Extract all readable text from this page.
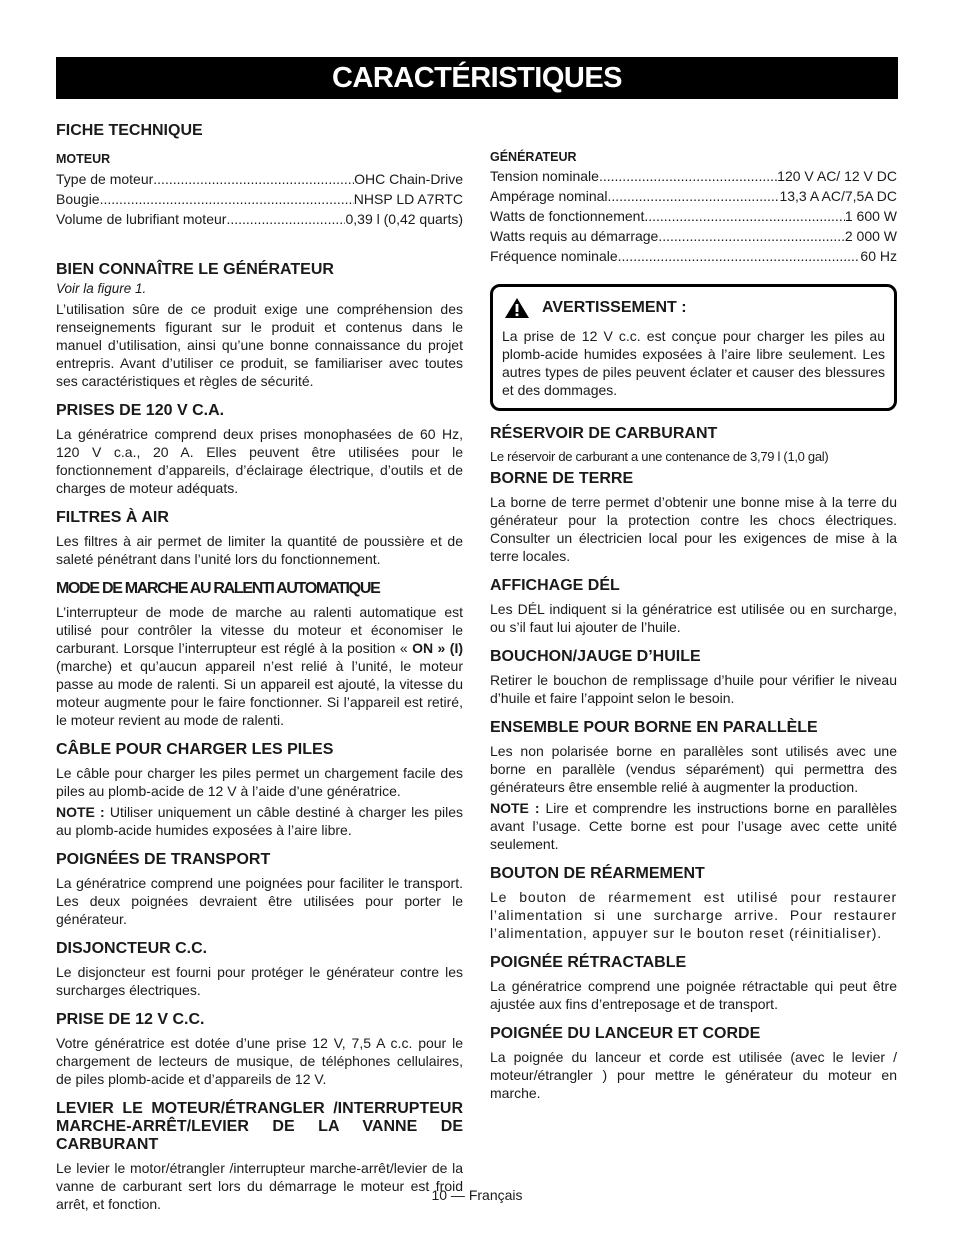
CARACTÉRISTIQUES
FICHE TECHNIQUE
MOTEUR
Type de moteur .....	OHC Chain-Drive
Bougie .....	NHSP LD A7RTC
Volume de lubrifiant moteur .....	0,39 l (0,42 quarts)
BIEN CONNAÎTRE LE GÉNÉRATEUR
Voir la figure 1.

L’utilisation sûre de ce produit exige une compréhension des renseignements figurant sur le produit et contenus dans le manuel d’utilisation, ainsi qu’une bonne connaissance du projet entrepris. Avant d’utiliser ce produit, se familiariser avec toutes ses caractéristiques et règles de sécurité.

PRISES DE 120 V C.A.

La génératrice comprend deux prises monophasées de 60 Hz, 120 V c.a., 20 A. Elles peuvent être utilisées pour le fonctionnement d’appareils, d’éclairage électrique, d’outils et de charges de moteur adéquats.

FILTRES À AIR

Les filtres à air permet de limiter la quantité de poussière et de saleté pénétrant dans l’unité lors du fonctionnement.

MODE DE MARCHE AU RALENTI AUTOMATIQUE

L’interrupteur de mode de marche au ralenti automatique est utilisé pour contrôler la vitesse du moteur et économiser le carburant. Lorsque l’interrupteur est réglé à la position « ON » (I) (marche) et qu’aucun appareil n’est relié à l’unité, le moteur passe au mode de ralenti. Si un appareil est ajouté, la vitesse du moteur augmente pour le faire fonctionner. Si l’appareil est retiré, le moteur revient au mode de ralenti.

CÂBLE POUR CHARGER LES PILES

Le câble pour charger les piles permet un chargement facile des piles au plomb-acide de 12 V à l’aide d’une génératrice.

NOTE : Utiliser uniquement un câble destiné à charger les piles au plomb-acide humides exposées à l’aire libre.

POIGNÉES DE TRANSPORT

La génératrice comprend une poignées pour faciliter le transport. Les deux poignées devraient être utilisées pour porter le générateur.

DISJONCTEUR C.C.

Le disjoncteur est fourni pour protéger le générateur contre les surcharges électriques.

PRISE DE 12 V C.C.

Votre génératrice est dotée d’une prise 12 V, 7,5 A c.c. pour le chargement de lecteurs de musique, de téléphones cellulaires, de piles plomb-acide et d’appareils de 12 V.

LEVIER LE MOTEUR/ÉTRANGLER /INTERRUPTEUR MARCHE-ARRÊT/LEVIER DE LA VANNE DE CARBURANT

Le levier le motor/étrangler /interrupteur marche-arrêt/levier de la vanne de carburant sert lors du démarrage le moteur est froid arrêt, et fonction.

GÉNÉRATEUR
Tension nominale .....	120 V AC/ 12 V DC
Ampérage nominal .....	13,3 A AC/7,5A DC
Watts de fonctionnement .....	1 600 W
Watts requis au démarrage .....	2 000 W
Fréquence nominale .....	60 Hz
AVERTISSEMENT :

La prise de 12 V c.c. est conçue pour charger les piles au plomb-acide humides exposées à l’aire libre seulement. Les autres types de piles peuvent éclater et causer des blessures et des dommages.

RÉSERVOIR DE CARBURANT

Le réservoir de carburant a une contenance de 3,79 l (1,0 gal)

BORNE DE TERRE

La borne de terre permet d’obtenir une bonne mise à la terre du générateur pour la protection contre les chocs électriques. Consulter un électricien local pour les exigences de mise à la terre locales.

AFFICHAGE DÉL

Les DÉL indiquent si la génératrice est utilisée ou en surcharge, ou s’il faut lui ajouter de l’huile.

BOUCHON/JAUGE D’HUILE

Retirer le bouchon de remplissage d’huile pour vérifier le niveau d’huile et faire l’appoint selon le besoin.

ENSEMBLE POUR BORNE EN PARALLÈLE

Les non polarisée borne en parallèles sont utilisés avec une borne en parallèle (vendus séparément) qui permettra des générateurs être ensemble relié à augmenter la production.

NOTE : Lire et comprendre les instructions borne en parallèles avant l’usage. Cette borne est pour l’usage avec cette unité seulement.

BOUTON DE RÉARMEMENT

Le bouton de réarmement est utilisé pour restaurer l’alimentation si une surcharge arrive. Pour restaurer l’alimentation, appuyer sur le bouton reset (réinitialiser).

POIGNÉE RÉTRACTABLE

La génératrice comprend une poignée rétractable qui peut être ajustée aux fins d’entreposage et de transport.

POIGNÉE DU LANCEUR ET CORDE

La poignée du lanceur et corde est utilisée (avec le levier / moteur/étrangler ) pour mettre le générateur du moteur en marche.

10 — Français
